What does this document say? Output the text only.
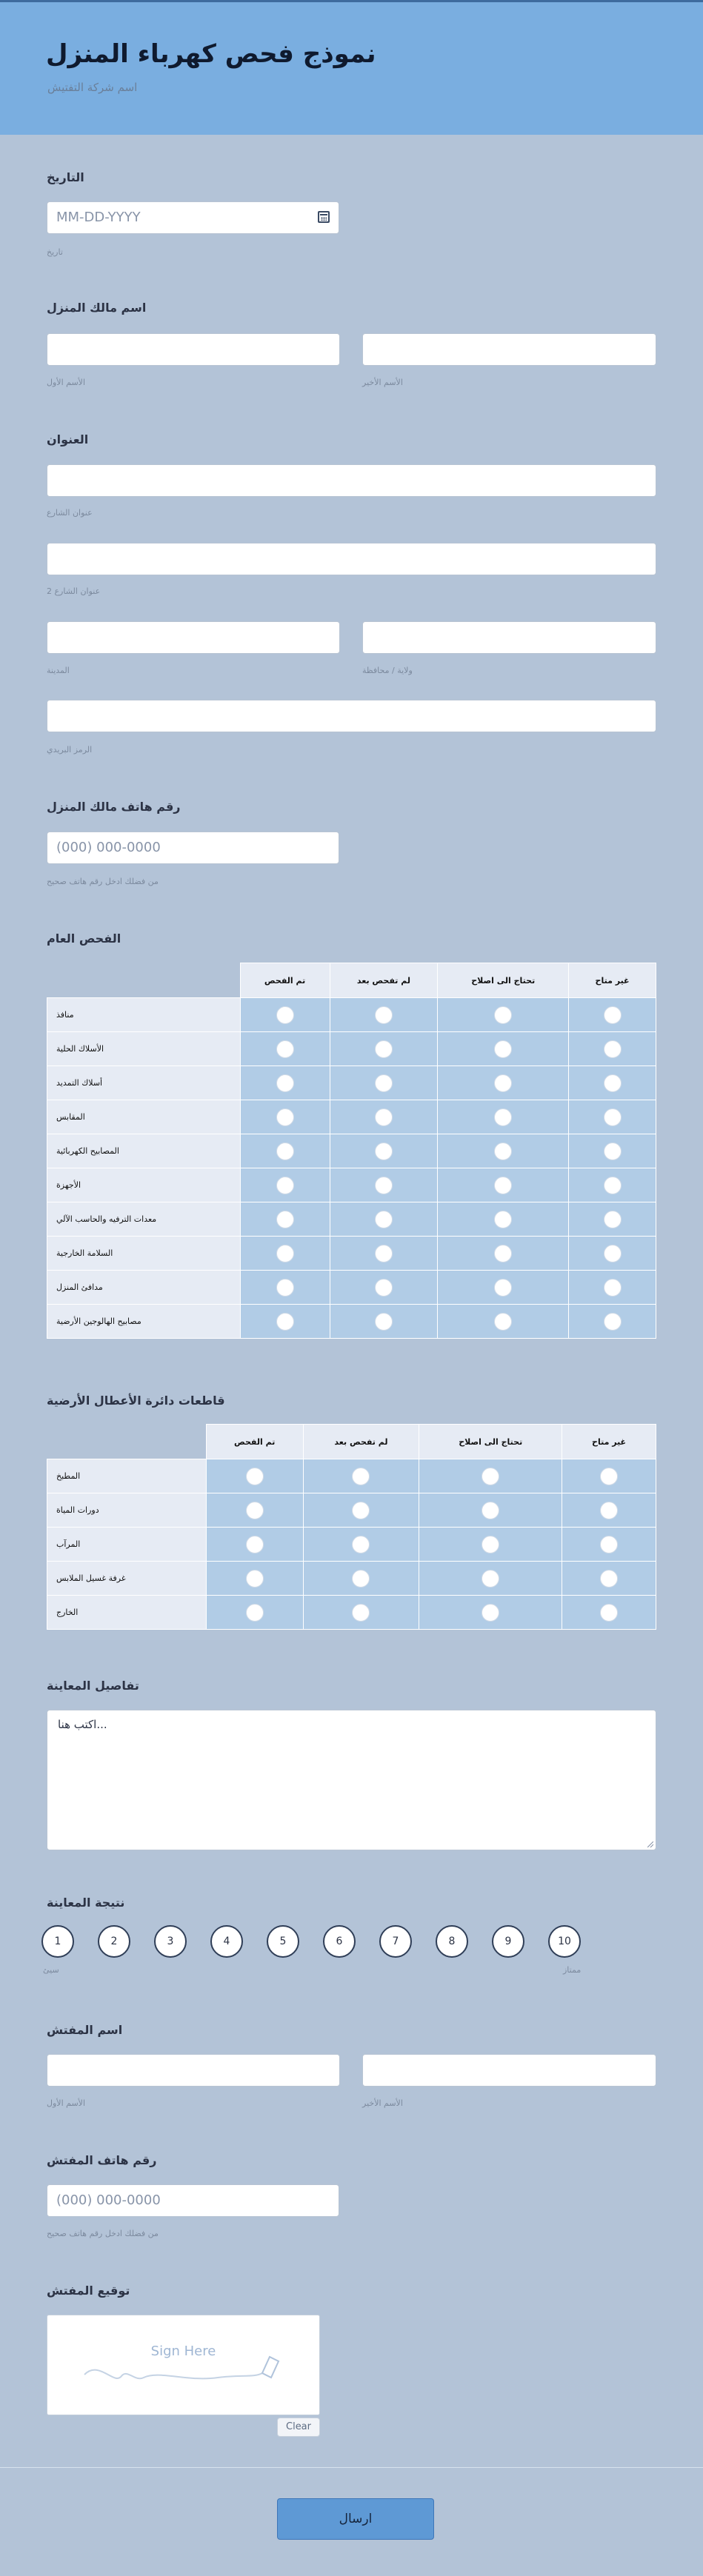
نموذج فحص كهرباء المنزل
اسم شركة التفتيش
التاريخ
MM-DD-YYYY
تاريخ
اسم مالك المنزل
الأسم الأول	الأسم الأخير
العنوان
عنوان الشارع
عنوان الشارع 2
المدينة	ولاية / محافظة
الرمز البريدي
رقم هاتف مالك المنزل
(000) 000-0000
من فضلك ادخل رقم هاتف صحيح
الفحص العام
	تم الفحص	لم تفحص بعد	تحتاج الى اصلاح	غير متاح
منافذ				
الأسلاك الحلية				
أسلاك التمديد				
المقابس				
المصابيح الكهربائية				
الأجهزة				
معدات الترفيه والحاسب الآلي				
السلامة الخارجية				
مدافئ المنزل				
مصابيح الهالوجين الأرضية				
قاطعات دائرة الأعطال الأرضية
	تم الفحص	لم تفحص بعد	تحتاج الى اصلاح	غير متاح
المطبخ				
دورات المياة				
المرآب				
غرفة غسيل الملابس				
الخارج				
تفاصيل المعاينة
اكتب هنا...
نتيجة المعاينة
1	2	3	4	5	6	7	8	9	10
سيئ	ممتاز
اسم المفتش
الأسم الأول	الأسم الأخير
رقم هاتف المفتش
(000) 000-0000
من فضلك ادخل رقم هاتف صحيح
توقيع المفتش
Sign Here
Clear
ارسال
